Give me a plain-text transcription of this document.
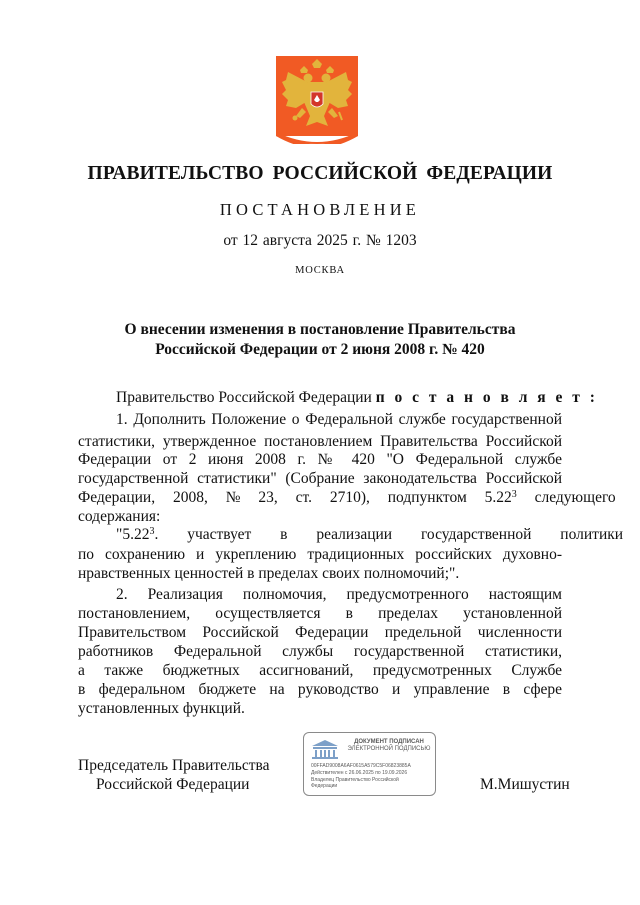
ПРАВИТЕЛЬСТВО РОССИЙСКОЙ ФЕДЕРАЦИИ
ПОСТАНОВЛЕНИЕ
от 12 августа 2025 г. № 1203
МОСКВА
О внесении изменения в постановление Правительства
Российской Федерации от 2 июня 2008 г. № 420
Правительство Российской Федерации п о с т а н о в л я е т :
1. Дополнить Положение о Федеральной службе государственной
статистики, утвержденное постановлением Правительства Российской
Федерации от 2 июня 2008 г. № 420 "О Федеральной службе
государственной статистики" (Собрание законодательства Российской
Федерации, 2008, № 23, ст. 2710), подпунктом 5.22$^3$ следующего
содержания:
"5.22$^3$. участвует в реализации государственной политики
по сохранению и укреплению традиционных российских духовно-
нравственных ценностей в пределах своих полномочий;".
2. Реализация полномочия, предусмотренного настоящим
постановлением, осуществляется в пределах установленной
Правительством Российской Федерации предельной численности
работников Федеральной службы государственной статистики,
а также бюджетных ассигнований, предусмотренных Службе
в федеральном бюджете на руководство и управление в сфере
установленных функций.
Председатель Правительства
Российской Федерации	М.Мишустин
ДОКУМЕНТ ПОДПИСАН
ЭЛЕКТРОННОЙ ПОДПИСЬЮ
00FFAD9008A6AF0615A579C5F06823885A
Действителен с 26.06.2025 по 19.09.2026
Владелец Правительство Российской
Федерации
